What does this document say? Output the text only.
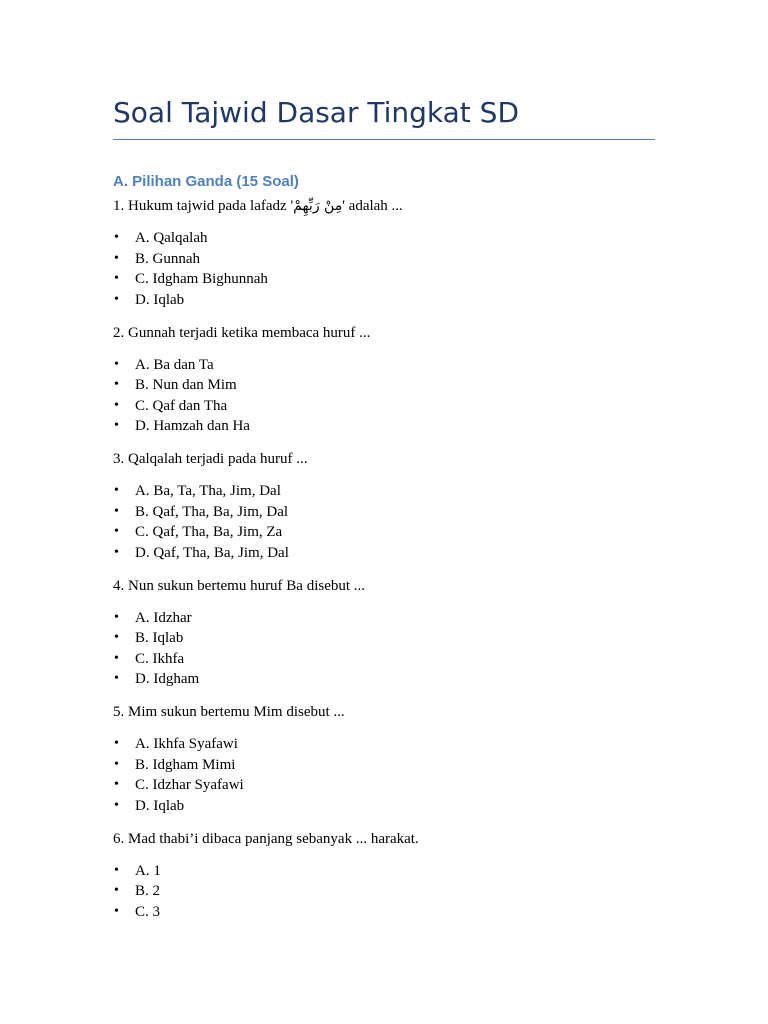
Soal Tajwid Dasar Tingkat SD
A. Pilihan Ganda (15 Soal)

1. Hukum tajwid pada lafadz 'مِنْ رَبِّهِمْ' adalah ...

• A. Qalqalah
• B. Gunnah
• C. Idgham Bighunnah
• D. Iqlab

2. Gunnah terjadi ketika membaca huruf ...

• A. Ba dan Ta
• B. Nun dan Mim
• C. Qaf dan Tha
• D. Hamzah dan Ha

3. Qalqalah terjadi pada huruf ...

• A. Ba, Ta, Tha, Jim, Dal
• B. Qaf, Tha, Ba, Jim, Dal
• C. Qaf, Tha, Ba, Jim, Za
• D. Qaf, Tha, Ba, Jim, Dal

4. Nun sukun bertemu huruf Ba disebut ...

• A. Idzhar
• B. Iqlab
• C. Ikhfa
• D. Idgham

5. Mim sukun bertemu Mim disebut ...

• A. Ikhfa Syafawi
• B. Idgham Mimi
• C. Idzhar Syafawi
• D. Iqlab

6. Mad thabi’i dibaca panjang sebanyak ... harakat.

• A. 1
• B. 2
• C. 3
